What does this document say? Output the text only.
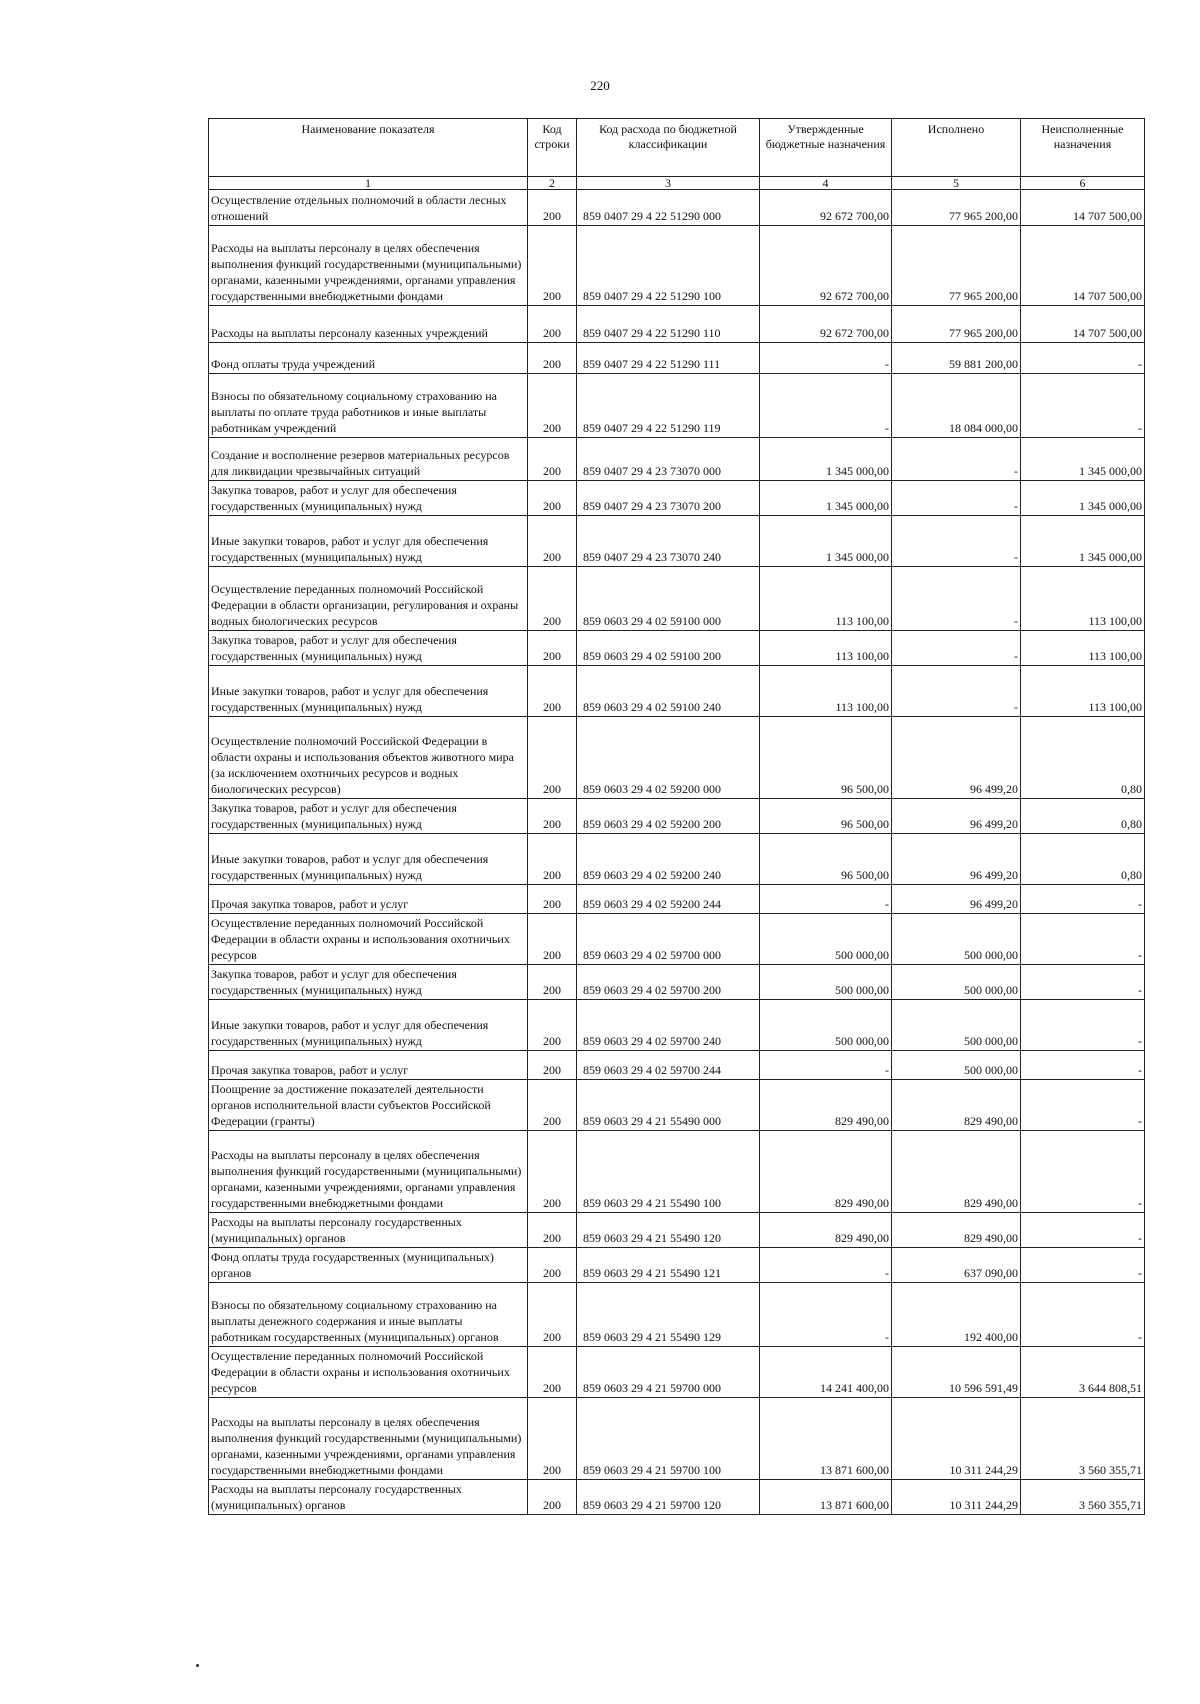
220
Наименование показателя	Код строки	Код расхода по бюджетной классификации	Утвержденные бюджетные назначения	Исполнено	Неисполненные назначения
1	2	3	4	5	6
Осуществление отдельных полномочий в области лесных отношений	200	859 0407 29 4 22 51290 000	92 672 700,00	77 965 200,00	14 707 500,00
Расходы на выплаты персоналу в целях обеспечения выполнения функций государственными (муниципальными) органами, казенными учреждениями, органами управления государственными внебюджетными фондами	200	859 0407 29 4 22 51290 100	92 672 700,00	77 965 200,00	14 707 500,00
Расходы на выплаты персоналу казенных учреждений	200	859 0407 29 4 22 51290 110	92 672 700,00	77 965 200,00	14 707 500,00
Фонд оплаты труда учреждений	200	859 0407 29 4 22 51290 111	-	59 881 200,00	-
Взносы по обязательному социальному страхованию на выплаты по оплате труда работников и иные выплаты работникам учреждений	200	859 0407 29 4 22 51290 119	-	18 084 000,00	-
Создание и восполнение резервов материальных ресурсов для ликвидации чрезвычайных ситуаций	200	859 0407 29 4 23 73070 000	1 345 000,00	-	1 345 000,00
Закупка товаров, работ и услуг для обеспечения государственных (муниципальных) нужд	200	859 0407 29 4 23 73070 200	1 345 000,00	-	1 345 000,00
Иные закупки товаров, работ и услуг для обеспечения государственных (муниципальных) нужд	200	859 0407 29 4 23 73070 240	1 345 000,00	-	1 345 000,00
Осуществление переданных полномочий Российской Федерации в области организации, регулирования и охраны водных биологических ресурсов	200	859 0603 29 4 02 59100 000	113 100,00	-	113 100,00
Закупка товаров, работ и услуг для обеспечения государственных (муниципальных) нужд	200	859 0603 29 4 02 59100 200	113 100,00	-	113 100,00
Иные закупки товаров, работ и услуг для обеспечения государственных (муниципальных) нужд	200	859 0603 29 4 02 59100 240	113 100,00	-	113 100,00
Осуществление полномочий Российской Федерации в области охраны и использования объектов животного мира (за исключением охотничьих ресурсов и водных биологических ресурсов)	200	859 0603 29 4 02 59200 000	96 500,00	96 499,20	0,80
Закупка товаров, работ и услуг для обеспечения государственных (муниципальных) нужд	200	859 0603 29 4 02 59200 200	96 500,00	96 499,20	0,80
Иные закупки товаров, работ и услуг для обеспечения государственных (муниципальных) нужд	200	859 0603 29 4 02 59200 240	96 500,00	96 499,20	0,80
Прочая закупка товаров, работ и услуг	200	859 0603 29 4 02 59200 244	-	96 499,20	-
Осуществление переданных полномочий Российской Федерации в области охраны и использования охотничьих ресурсов	200	859 0603 29 4 02 59700 000	500 000,00	500 000,00	-
Закупка товаров, работ и услуг для обеспечения государственных (муниципальных) нужд	200	859 0603 29 4 02 59700 200	500 000,00	500 000,00	-
Иные закупки товаров, работ и услуг для обеспечения государственных (муниципальных) нужд	200	859 0603 29 4 02 59700 240	500 000,00	500 000,00	-
Прочая закупка товаров, работ и услуг	200	859 0603 29 4 02 59700 244	-	500 000,00	-
Поощрение за достижение показателей деятельности органов исполнительной власти субъектов Российской Федерации (гранты)	200	859 0603 29 4 21 55490 000	829 490,00	829 490,00	-
Расходы на выплаты персоналу в целях обеспечения выполнения функций государственными (муниципальными) органами, казенными учреждениями, органами управления государственными внебюджетными фондами	200	859 0603 29 4 21 55490 100	829 490,00	829 490,00	-
Расходы на выплаты персоналу государственных (муниципальных) органов	200	859 0603 29 4 21 55490 120	829 490,00	829 490,00	-
Фонд оплаты труда государственных (муниципальных) органов	200	859 0603 29 4 21 55490 121	-	637 090,00	-
Взносы по обязательному социальному страхованию на выплаты денежного содержания и иные выплаты работникам государственных (муниципальных) органов	200	859 0603 29 4 21 55490 129	-	192 400,00	-
Осуществление переданных полномочий Российской Федерации в области охраны и использования охотничьих ресурсов	200	859 0603 29 4 21 59700 000	14 241 400,00	10 596 591,49	3 644 808,51
Расходы на выплаты персоналу в целях обеспечения выполнения функций государственными (муниципальными) органами, казенными учреждениями, органами управления государственными внебюджетными фондами	200	859 0603 29 4 21 59700 100	13 871 600,00	10 311 244,29	3 560 355,71
Расходы на выплаты персоналу государственных (муниципальных) органов	200	859 0603 29 4 21 59700 120	13 871 600,00	10 311 244,29	3 560 355,71
